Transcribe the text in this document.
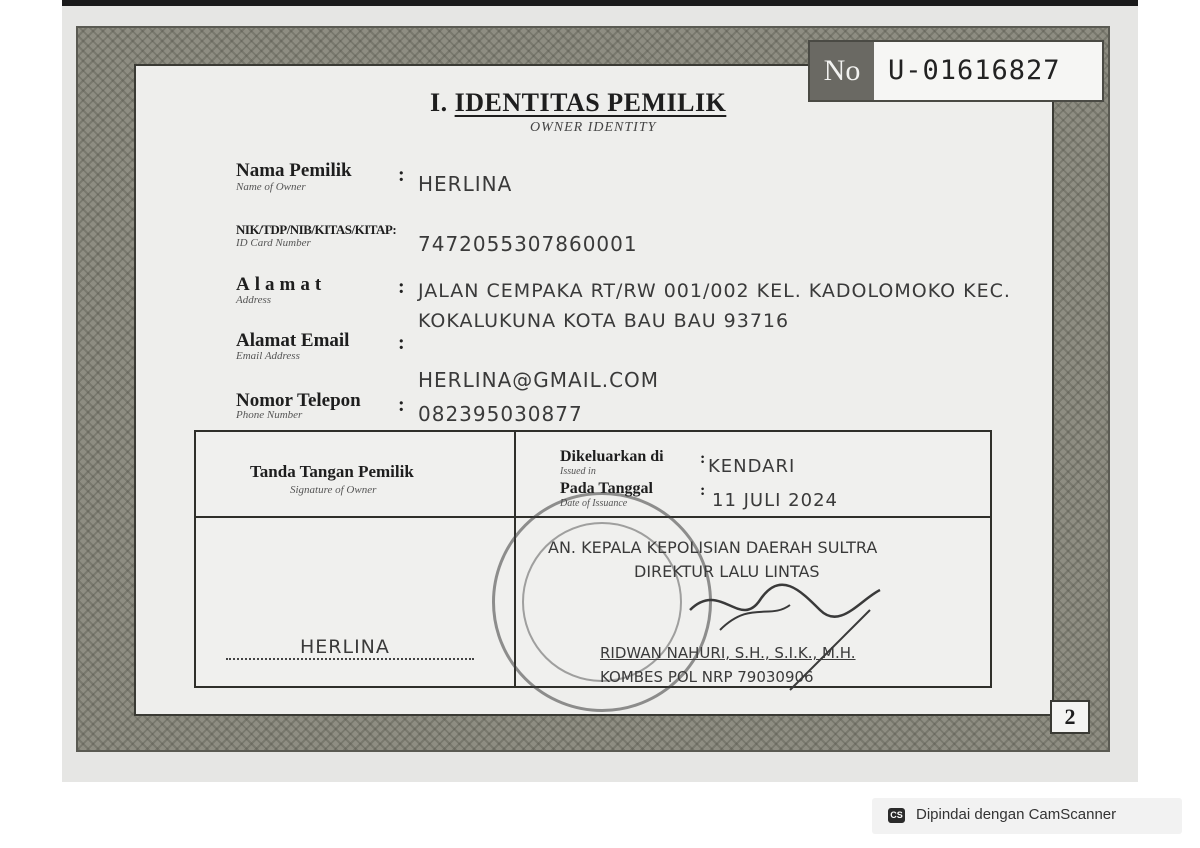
No	U-01616827
I. IDENTITAS PEMILIK
OWNER IDENTITY
Nama Pemilik
Name of Owner
: HERLINA
NIK/TDP/NIB/KITAS/KITAP:
ID Card Number	7472055307860001
Alamat
Address
: JALAN CEMPAKA RT/RW 001/002 KEL. KADOLOMOKO KEC.
KOKALUKUNA KOTA BAU BAU 93716
Alamat Email
Email Address
:
HERLINA@GMAIL.COM
Nomor Telepon
Phone Number	: 082395030877
Tanda Tangan Pemilik
Signature of Owner
Dikeluarkan di
Issued in
: KENDARI
Pada Tanggal
Date of Issuance
: 11 JULI 2024
AN. KEPALA KEPOLISIAN DAERAH SULTRA
DIREKTUR LALU LINTAS
RIDWAN NAHURI, S.H., S.I.K., M.H.
KOMBES POL NRP 79030906
HERLINA
2
CS Dipindai dengan CamScanner
